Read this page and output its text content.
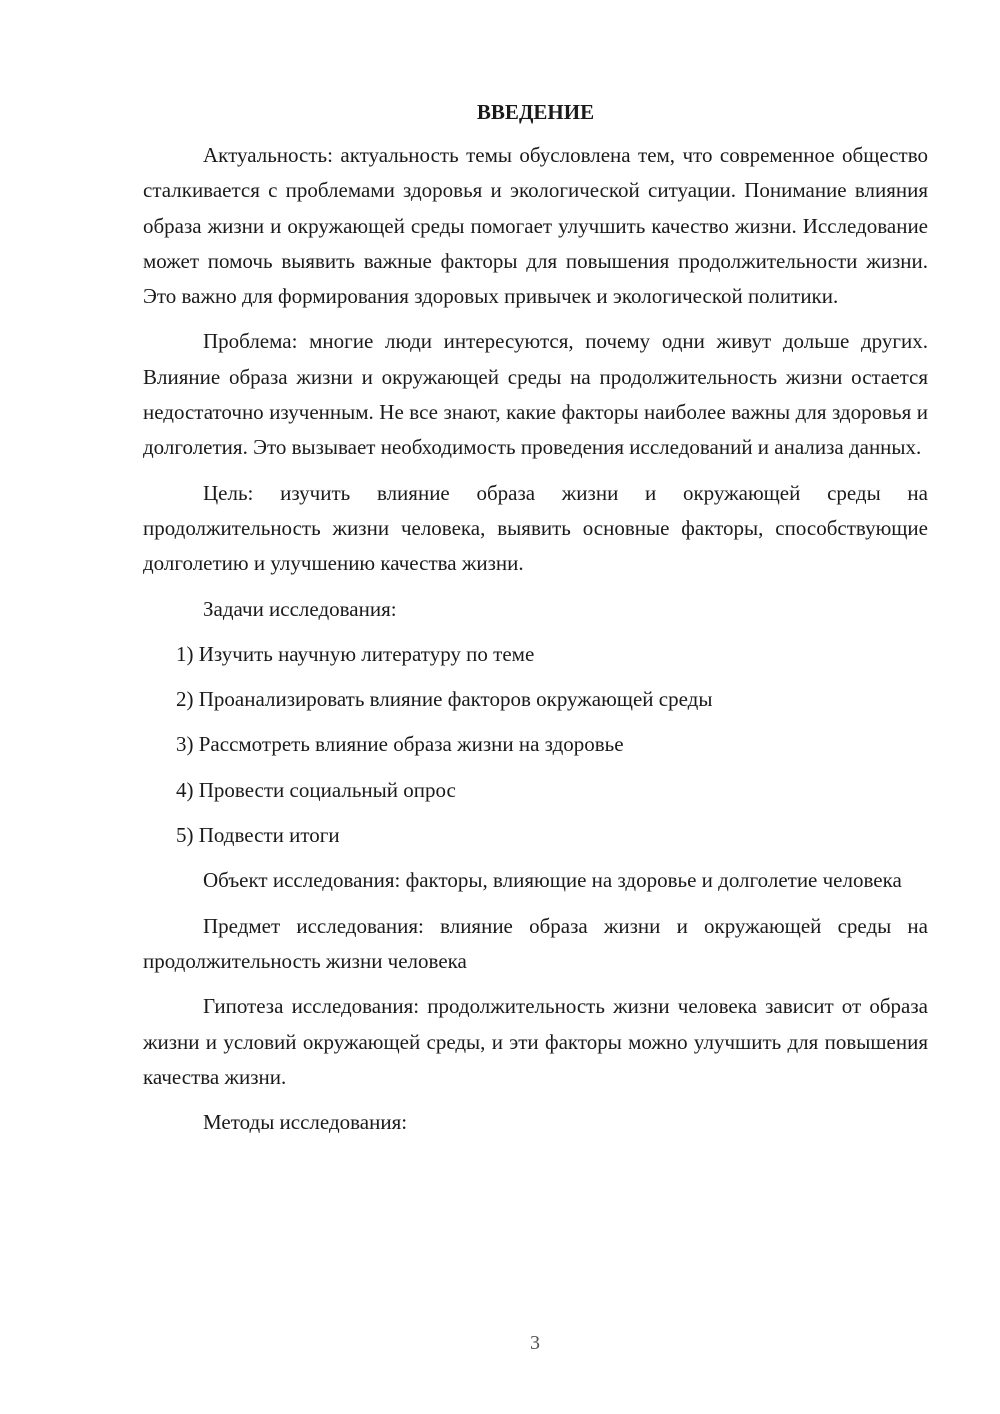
ВВЕДЕНИЕ

Актуальность: актуальность темы обусловлена тем, что современное общество сталкивается с проблемами здоровья и экологической ситуации. Понимание влияния образа жизни и окружающей среды помогает улучшить качество жизни. Исследование может помочь выявить важные факторы для повышения продолжительности жизни. Это важно для формирования здоровых привычек и экологической политики.

Проблема: многие люди интересуются, почему одни живут дольше других. Влияние образа жизни и окружающей среды на продолжительность жизни остается недостаточно изученным. Не все знают, какие факторы наиболее важны для здоровья и долголетия. Это вызывает необходимость проведения исследований и анализа данных.

Цель: изучить влияние образа жизни и окружающей среды на продолжительность жизни человека, выявить основные факторы, способствующие долголетию и улучшению качества жизни.

Задачи исследования:

1) Изучить научную литературу по теме
2) Проанализировать влияние факторов окружающей среды
3) Рассмотреть влияние образа жизни на здоровье
4) Провести социальный опрос
5) Подвести итоги

Объект исследования: факторы, влияющие на здоровье и долголетие человека

Предмет исследования: влияние образа жизни и окружающей среды на продолжительность жизни человека

Гипотеза исследования: продолжительность жизни человека зависит от образа жизни и условий окружающей среды, и эти факторы можно улучшить для повышения качества жизни.

Методы исследования:

3
